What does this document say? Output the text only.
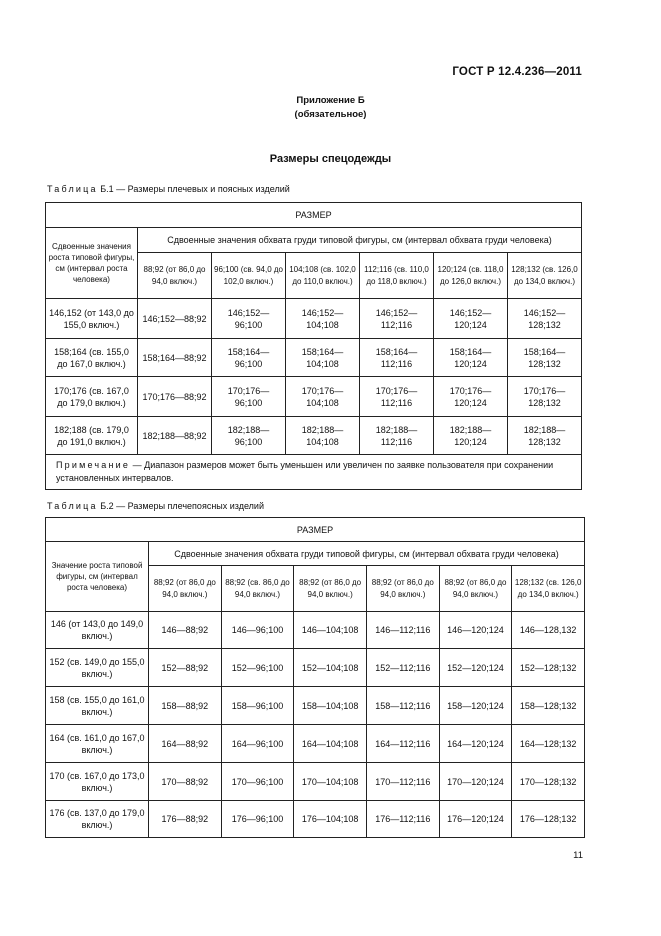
ГОСТ Р 12.4.236—2011
Приложение Б
(обязательное)
Размеры спецодежды
Таблица Б.1 — Размеры плечевых и поясных изделий
РАЗМЕР						
Сдвоенные значения роста типовой фигуры, см (интервал роста человека)	Сдвоенные значения обхвата груди типовой фигуры, см (интервал обхвата груди человека)					
	88;92 (от 86,0 до 94,0 включ.)	96;100 (св. 94,0 до 102,0 включ.)	104;108 (св. 102,0 до 110,0 включ.)	112;116 (св. 110,0 до 118,0 включ.)	120;124 (св. 118,0 до 126,0 включ.)	128;132 (св. 126,0 до 134,0 включ.)
146,152 (от 143,0 до 155,0 включ.)	146;152—88;92	146;152—96;100	146;152—104;108	146;152—112;116	146;152—120;124	146;152—128;132
158;164 (св. 155,0 до 167,0 включ.)	158;164—88;92	158;164—96;100	158;164—104;108	158;164—112;116	158;164—120;124	158;164—128;132
170;176 (св. 167,0 до 179,0 включ.)	170;176—88;92	170;176—96;100	170;176—104;108	170;176—112;116	170;176—120;124	170;176—128;132
182;188 (св. 179,0 до 191,0 включ.)	182;188—88;92	182;188—96;100	182;188—104;108	182;188—112;116	182;188—120;124	182;188—128;132
Примечание — Диапазон размеров может быть уменьшен или увеличен по заявке пользователя при сохранении установленных интервалов.						
Таблица Б.2 — Размеры плечепоясных изделий
РАЗМЕР						
Значение роста типовой фигуры, см (интервал роста человека)	Сдвоенные значения обхвата груди типовой фигуры, см (интервал обхвата груди человека)					
	88;92 (от 86,0 до 94,0 включ.)	88;92 (св. 86,0 до 94,0 включ.)	88;92 (от 86,0 до 94,0 включ.)	88;92 (от 86,0 до 94,0 включ.)	88;92 (от 86,0 до 94,0 включ.)	128;132 (св. 126,0 до 134,0 включ.)
146 (от 143,0 до 149,0 включ.)	146—88;92	146—96;100	146—104;108	146—112;116	146—120;124	146—128,132
152 (св. 149,0 до 155,0 включ.)	152—88;92	152—96;100	152—104;108	152—112;116	152—120;124	152—128;132
158 (св. 155,0 до 161,0 включ.)	158—88;92	158—96;100	158—104;108	158—112;116	158—120;124	158—128;132
164 (св. 161,0 до 167,0 включ.)	164—88;92	164—96;100	164—104;108	164—112;116	164—120;124	164—128;132
170 (св. 167,0 до 173,0 включ.)	170—88;92	170—96;100	170—104;108	170—112;116	170—120;124	170—128;132
176 (св. 137,0 до 179,0 включ.)	176—88;92	176—96;100	176—104;108	176—112;116	176—120;124	176—128;132
11
